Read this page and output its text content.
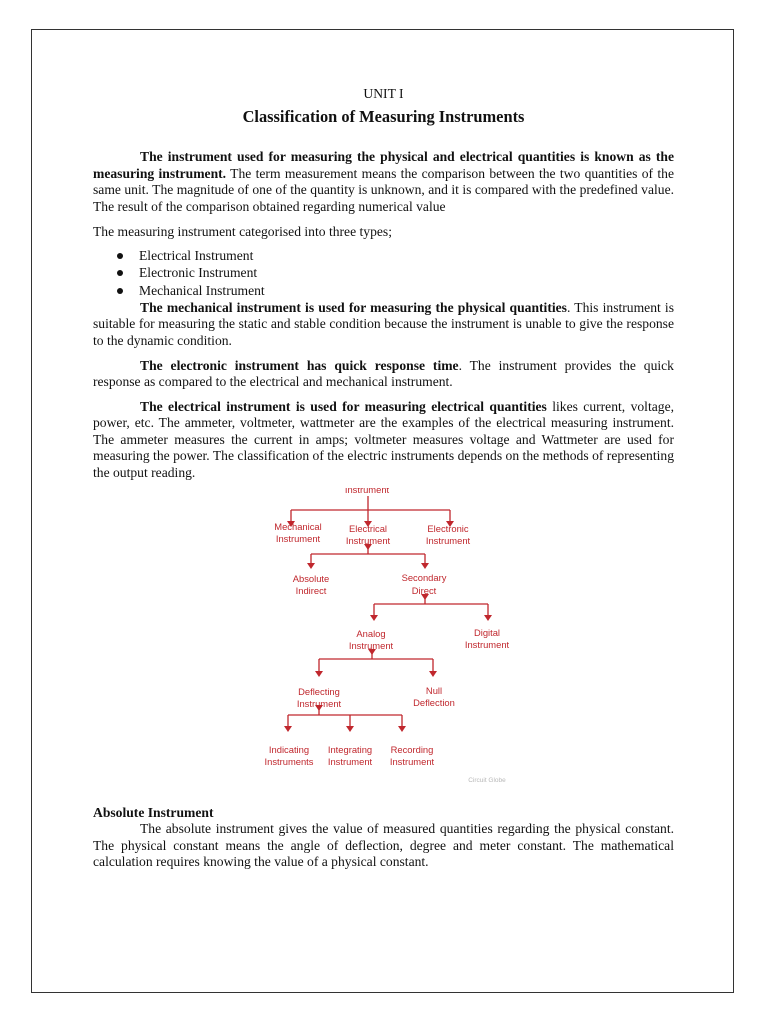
UNIT I
Classification of Measuring Instruments

The instrument used for measuring the physical and electrical quantities is known as the measuring instrument. The term measurement means the comparison between the two quantities of the same unit. The magnitude of one of the quantity is unknown, and it is compared with the predefined value. The result of the comparison obtained regarding numerical value

The measuring instrument categorised into three types;

Electrical Instrument
Electronic Instrument
Mechanical Instrument

The mechanical instrument is used for measuring the physical quantities. This instrument is suitable for measuring the static and stable condition because the instrument is unable to give the response to the dynamic condition.

The electronic instrument has quick response time. The instrument provides the quick response as compared to the electrical and mechanical instrument.

The electrical instrument is used for measuring electrical quantities likes current, voltage, power, etc. The ammeter, voltmeter, wattmeter are the examples of the electrical measuring instrument. The ammeter measures the current in amps; voltmeter measures voltage and Wattmeter are used for measuring the power. The classification of the electric instruments depends on the methods of representing the output reading.

Instrument
Mechanical
Instrument
Electrical
Instrument
Electronic
Instrument
Absolute
Indirect
Secondary
Direct
Analog
Instrument
Digital
Instrument
Deflecting
Instrument
Null
Deflection
Indicating
Instruments
Integrating
Instrument
Recording
Instrument
Circuit Globe
Absolute Instrument

The absolute instrument gives the value of measured quantities regarding the physical constant. The physical constant means the angle of deflection, degree and meter constant. The mathematical calculation requires knowing the value of a physical constant.
